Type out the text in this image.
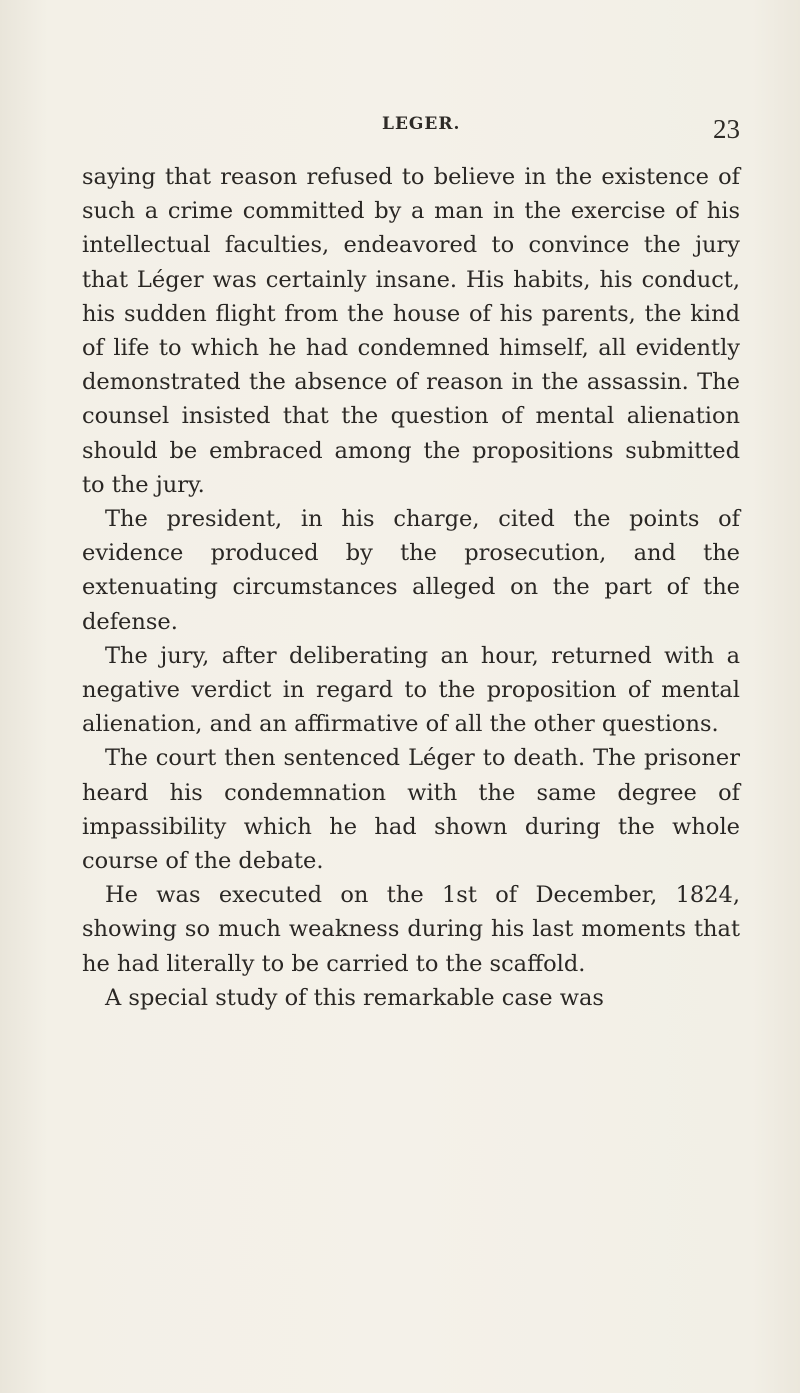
LEGER.	23

saying that reason refused to believe in the existence of such a crime committed by a man in the exercise of his intellectual faculties, endeavored to convince the jury that Léger was certainly insane. His habits, his conduct, his sudden flight from the house of his parents, the kind of life to which he had condemned himself, all evidently demonstrated the absence of reason in the assassin. The counsel insisted that the question of mental alienation should be embraced among the propositions submitted to the jury.

The president, in his charge, cited the points of evidence produced by the prosecution, and the extenuating circumstances alleged on the part of the defense.

The jury, after deliberating an hour, returned with a negative verdict in regard to the proposition of mental alienation, and an affirmative of all the other questions.

The court then sentenced Léger to death. The prisoner heard his condemnation with the same degree of impassibility which he had shown during the whole course of the debate.

He was executed on the 1st of December, 1824, showing so much weakness during his last moments that he had literally to be carried to the scaffold.

A special study of this remarkable case was
